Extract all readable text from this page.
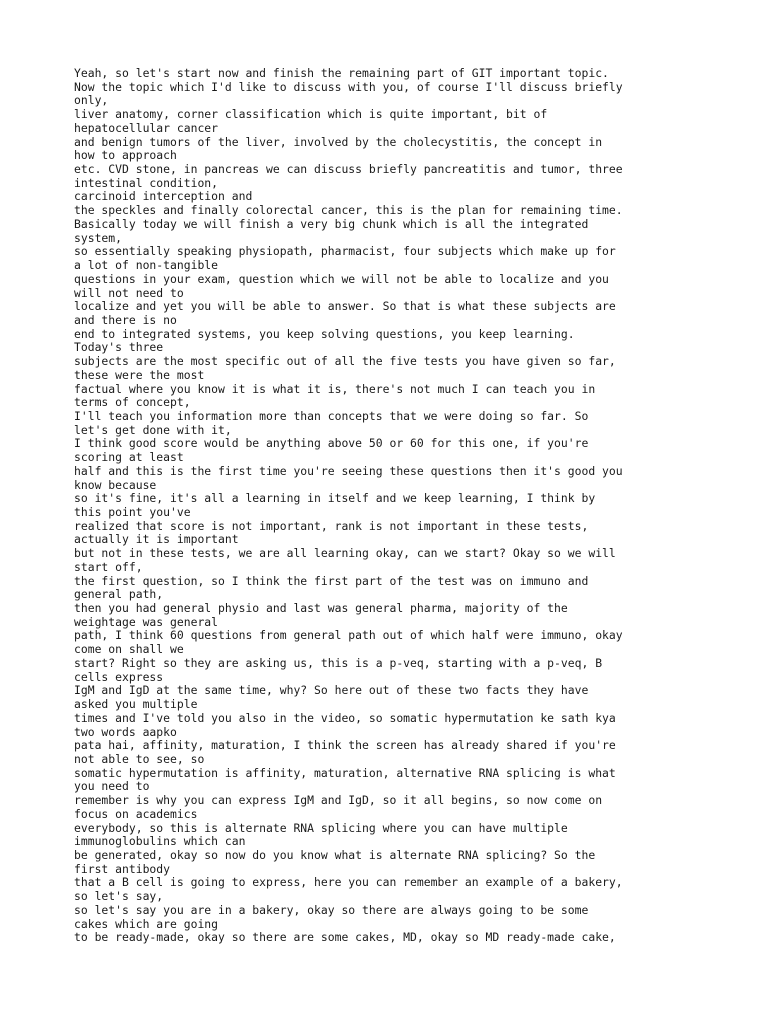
Yeah, so let's start now and finish the remaining part of GIT important topic.
Now the topic which I'd like to discuss with you, of course I'll discuss briefly
only,
liver anatomy, corner classification which is quite important, bit of
hepatocellular cancer
and benign tumors of the liver, involved by the cholecystitis, the concept in
how to approach
etc. CVD stone, in pancreas we can discuss briefly pancreatitis and tumor, three
intestinal condition,
carcinoid interception and
the speckles and finally colorectal cancer, this is the plan for remaining time.
Basically today we will finish a very big chunk which is all the integrated
system,
so essentially speaking physiopath, pharmacist, four subjects which make up for
a lot of non-tangible
questions in your exam, question which we will not be able to localize and you
will not need to
localize and yet you will be able to answer. So that is what these subjects are
and there is no
end to integrated systems, you keep solving questions, you keep learning.
Today's three
subjects are the most specific out of all the five tests you have given so far,
these were the most
factual where you know it is what it is, there's not much I can teach you in
terms of concept,
I'll teach you information more than concepts that we were doing so far. So
let's get done with it,
I think good score would be anything above 50 or 60 for this one, if you're
scoring at least
half and this is the first time you're seeing these questions then it's good you
know because
so it's fine, it's all a learning in itself and we keep learning, I think by
this point you've
realized that score is not important, rank is not important in these tests,
actually it is important
but not in these tests, we are all learning okay, can we start? Okay so we will
start off,
the first question, so I think the first part of the test was on immuno and
general path,
then you had general physio and last was general pharma, majority of the
weightage was general
path, I think 60 questions from general path out of which half were immuno, okay
come on shall we
start? Right so they are asking us, this is a p-veq, starting with a p-veq, B
cells express
IgM and IgD at the same time, why? So here out of these two facts they have
asked you multiple
times and I've told you also in the video, so somatic hypermutation ke sath kya
two words aapko
pata hai, affinity, maturation, I think the screen has already shared if you're
not able to see, so
somatic hypermutation is affinity, maturation, alternative RNA splicing is what
you need to
remember is why you can express IgM and IgD, so it all begins, so now come on
focus on academics
everybody, so this is alternate RNA splicing where you can have multiple
immunoglobulins which can
be generated, okay so now do you know what is alternate RNA splicing? So the
first antibody
that a B cell is going to express, here you can remember an example of a bakery,
so let's say,
so let's say you are in a bakery, okay so there are always going to be some
cakes which are going
to be ready-made, okay so there are some cakes, MD, okay so MD ready-made cake,
